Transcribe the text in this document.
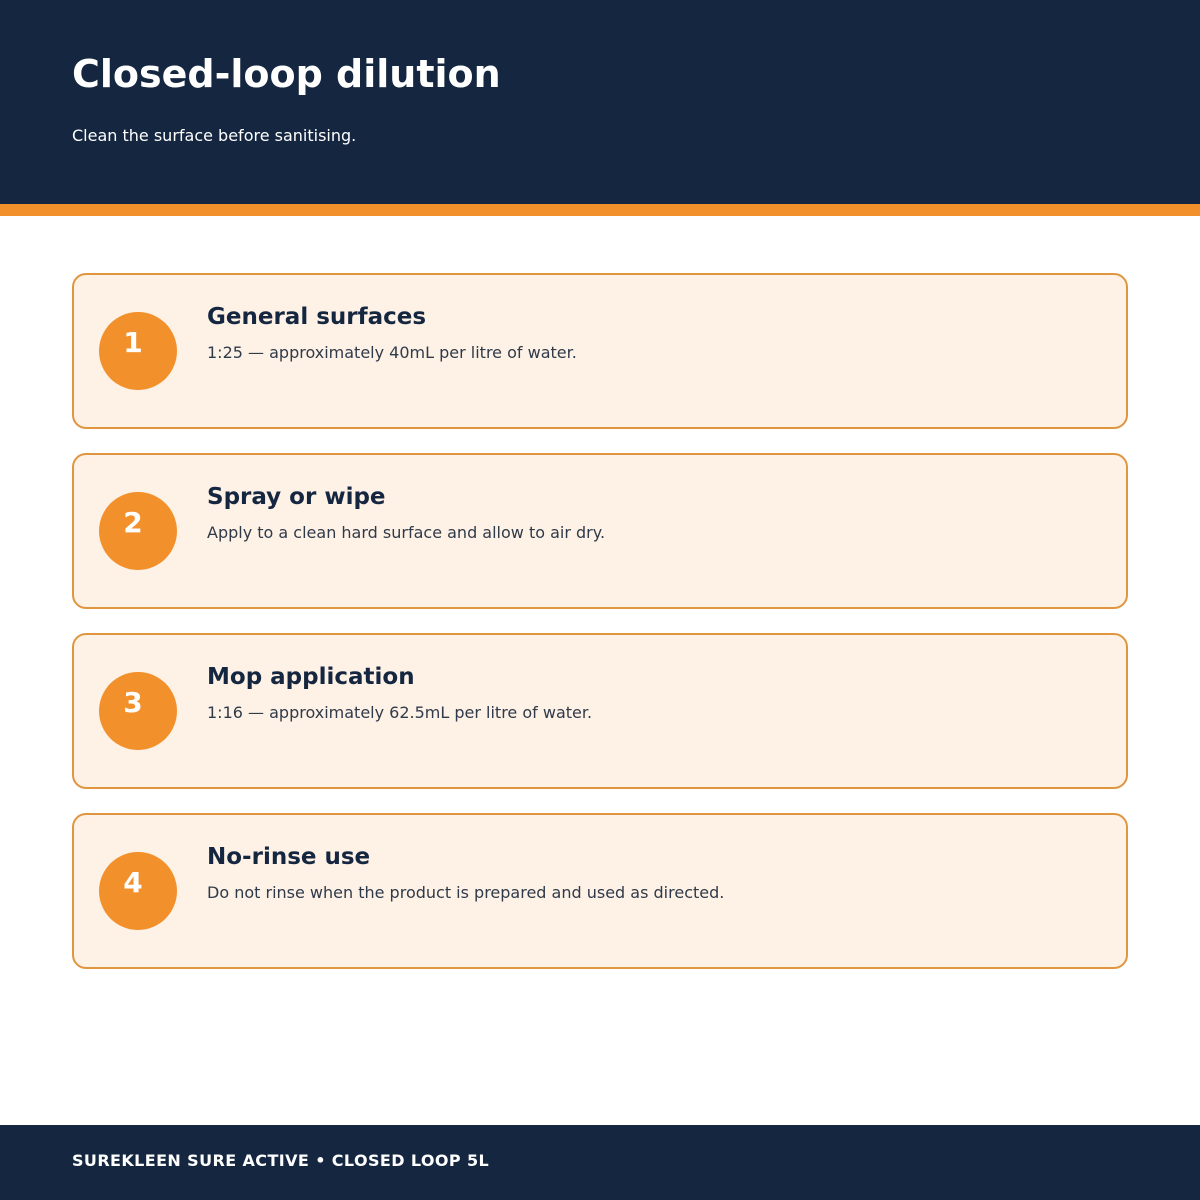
Closed-loop dilution

Clean the surface before sanitising.

1
General surfaces

1:25 — approximately 40mL per litre of water.

2
Spray or wipe

Apply to a clean hard surface and allow to air dry.

3
Mop application

1:16 — approximately 62.5mL per litre of water.

4
No-rinse use

Do not rinse when the product is prepared and used as directed.

SUREKLEEN SURE ACTIVE • CLOSED LOOP 5L
